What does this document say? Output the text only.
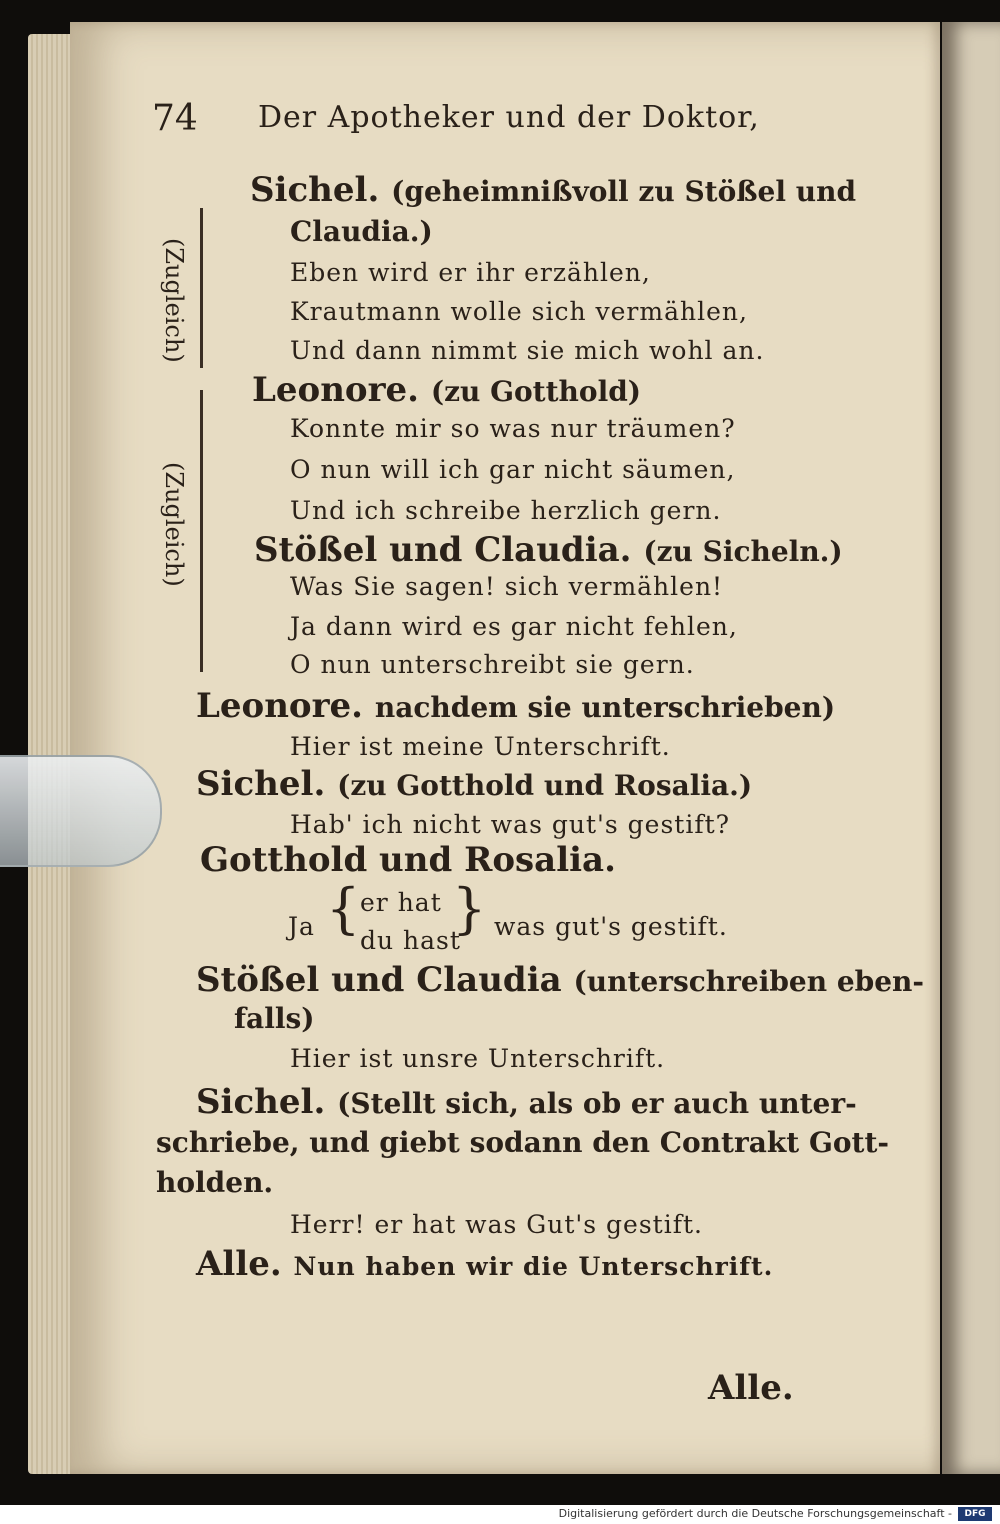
74 Der Apotheker und der Doktor,
(Zugleich)
(Zugleich)
Sichel. (geheimnißvoll zu Stößel und
Claudia.)
Eben wird er ihr erzählen,
Krautmann wolle sich vermählen,
Und dann nimmt sie mich wohl an.
Leonore. (zu Gotthold)
Konnte mir so was nur träumen?
O nun will ich gar nicht säumen,
Und ich schreibe herzlich gern.
Stößel und Claudia. (zu Sicheln.)
Was Sie sagen! sich vermählen!
Ja dann wird es gar nicht fehlen,
O nun unterschreibt sie gern.
Leonore. nachdem sie unterschrieben)
Hier ist meine Unterschrift.
Sichel. (zu Gotthold und Rosalia.)
Hab' ich nicht was gut's gestift?
Gotthold und Rosalia.
Ja { er hat
du hast
} was gut's gestift.
Stößel und Claudia (unterschreiben eben-
falls)
Hier ist unsre Unterschrift.
Sichel. (Stellt sich, als ob er auch unter-
schriebe, und giebt sodann den Contrakt Gott-
holden.
Herr! er hat was Gut's gestift.
Alle. Nun haben wir die Unterschrift.
Alle.
Digitalisierung gefördert durch die Deutsche Forschungsgemeinschaft -	DFG
